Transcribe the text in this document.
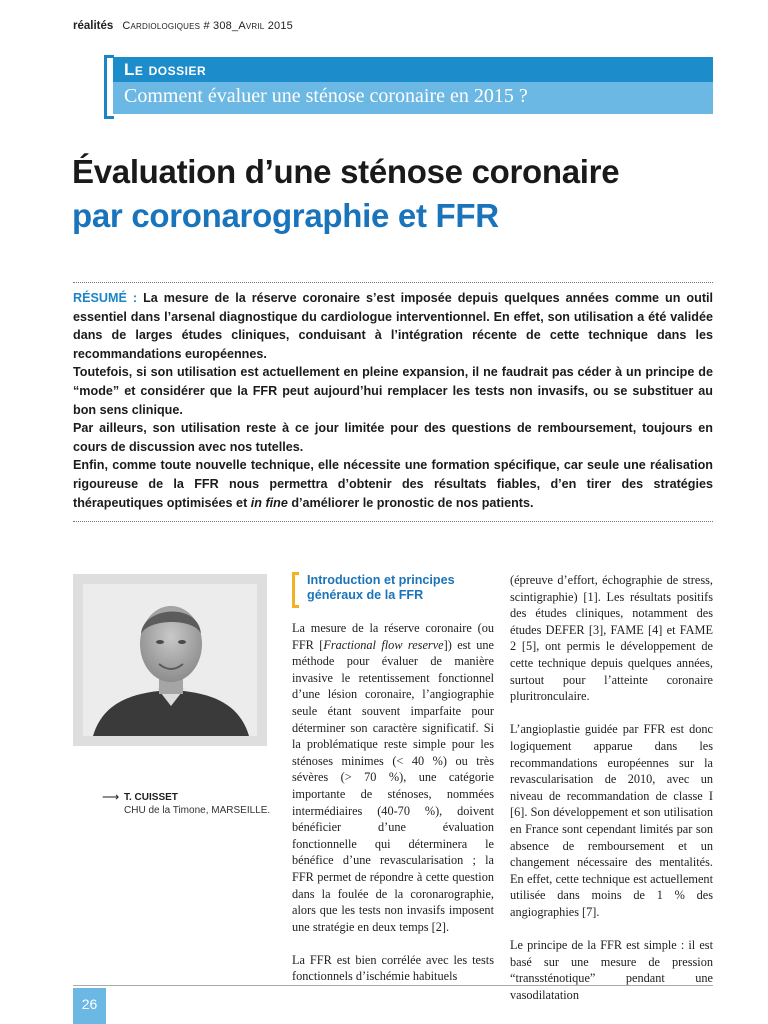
réalités Cardiologiques # 308_Avril 2015
Le dossier
Comment évaluer une sténose coronaire en 2015 ?
Évaluation d’une sténose coronaire
par coronarographie et FFR

RÉSUMÉ : La mesure de la réserve coronaire s’est imposée depuis quelques années comme un outil essentiel dans l’arsenal diagnostique du cardiologue interventionnel. En effet, son utilisation a été validée dans de larges études cliniques, conduisant à l’intégration récente de cette technique dans les recommandations européennes.

Toutefois, si son utilisation est actuellement en pleine expansion, il ne faudrait pas céder à un principe de “mode” et considérer que la FFR peut aujourd’hui remplacer les tests non invasifs, ou se substituer au bon sens clinique.

Par ailleurs, son utilisation reste à ce jour limitée pour des questions de remboursement, toujours en cours de discussion avec nos tutelles.

Enfin, comme toute nouvelle technique, elle nécessite une formation spécifique, car seule une réalisation rigoureuse de la FFR nous permettra d’obtenir des résultats fiables, d’en tirer des stratégies thérapeutiques optimisées et in fine d’améliorer le pronostic de nos patients.

⟶ T. CUISSET
CHU de la Timone, MARSEILLE.
Introduction et principes généraux de la FFR

La mesure de la réserve coronaire (ou FFR [Fractional flow reserve]) est une méthode pour évaluer de manière invasive le retentissement fonctionnel d’une lésion coronaire, l’angiographie seule étant souvent imparfaite pour déterminer son caractère significatif. Si la problématique reste simple pour les sténoses minimes (< 40 %) ou très sévères (> 70 %), une catégorie importante de sténoses, nommées intermédiaires (40-70 %), doivent bénéficier d’une évaluation fonctionnelle qui déterminera le bénéfice d’une revascularisation ; la FFR permet de répondre à cette question dans la foulée de la coronarographie, alors que les tests non invasifs imposent une stratégie en deux temps [2].

La FFR est bien corrélée avec les tests fonctionnels d’ischémie habituels

(épreuve d’effort, échographie de stress, scintigraphie) [1]. Les résultats positifs des études cliniques, notamment des études DEFER [3], FAME [4] et FAME 2 [5], ont permis le développement de cette technique depuis quelques années, surtout pour l’atteinte coronaire pluritronculaire.

L’angioplastie guidée par FFR est donc logiquement apparue dans les recommandations européennes sur la revascularisation de 2010, avec un niveau de recommandation de classe I [6]. Son développement et son utilisation en France sont cependant limités par son absence de remboursement et un changement nécessaire des mentalités. En effet, cette technique est actuellement utilisée dans moins de 1 % des angiographies [7].

Le principe de la FFR est simple : il est basé sur une mesure de pression “transsténotique” pendant une vasodilatation

26
